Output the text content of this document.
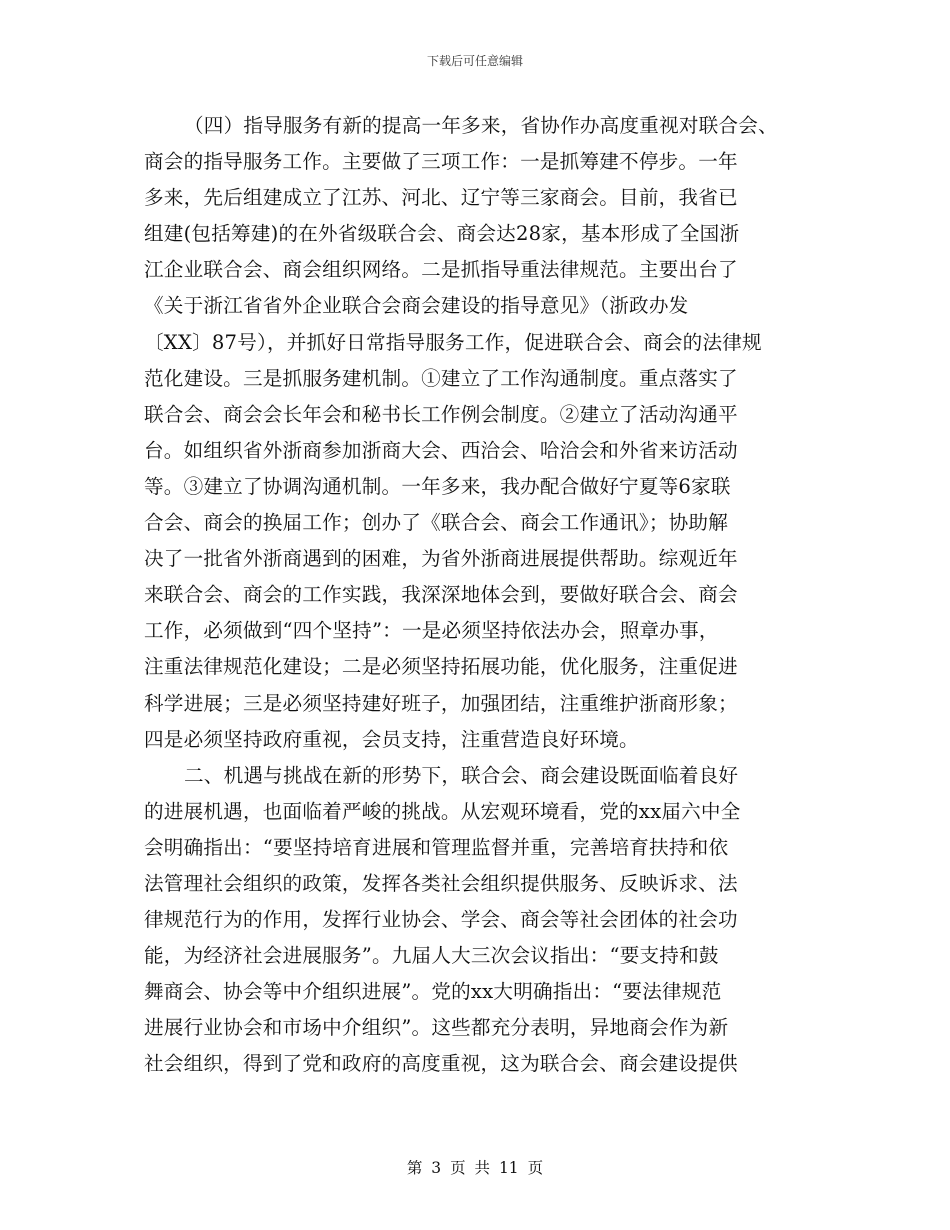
下载后可任意编辑
（四）指导服务有新的提高一年多来，省协作办高度重视对联合会、
商会的指导服务工作。主要做了三项工作：一是抓筹建不停步。一年
多来，先后组建成立了江苏、河北、辽宁等三家商会。目前，我省已
组建(包括筹建)的在外省级联合会、商会达28家，基本形成了全国浙
江企业联合会、商会组织网络。二是抓指导重法律规范。主要出台了
《关于浙江省省外企业联合会商会建设的指导意见》（浙政办发
〔XX〕87号），并抓好日常指导服务工作，促进联合会、商会的法律规
范化建设。三是抓服务建机制。①建立了工作沟通制度。重点落实了
联合会、商会会长年会和秘书长工作例会制度。②建立了活动沟通平
台。如组织省外浙商参加浙商大会、西洽会、哈洽会和外省来访活动
等。③建立了协调沟通机制。一年多来，我办配合做好宁夏等6家联
合会、商会的换届工作；创办了《联合会、商会工作通讯》；协助解
决了一批省外浙商遇到的困难，为省外浙商进展提供帮助。综观近年
来联合会、商会的工作实践，我深深地体会到，要做好联合会、商会
工作，必须做到“四个坚持”：一是必须坚持依法办会，照章办事，
注重法律规范化建设；二是必须坚持拓展功能，优化服务，注重促进
科学进展；三是必须坚持建好班子，加强团结，注重维护浙商形象；
四是必须坚持政府重视，会员支持，注重营造良好环境。
二、机遇与挑战在新的形势下，联合会、商会建设既面临着良好
的进展机遇，也面临着严峻的挑战。从宏观环境看，党的xx届六中全
会明确指出：“要坚持培育进展和管理监督并重，完善培育扶持和依
法管理社会组织的政策，发挥各类社会组织提供服务、反映诉求、法
律规范行为的作用，发挥行业协会、学会、商会等社会团体的社会功
能，为经济社会进展服务”。九届人大三次会议指出：“要支持和鼓
舞商会、协会等中介组织进展”。党的xx大明确指出：“要法律规范
进展行业协会和市场中介组织”。这些都充分表明，异地商会作为新
社会组织，得到了党和政府的高度重视，这为联合会、商会建设提供
第 3 页 共 11 页
